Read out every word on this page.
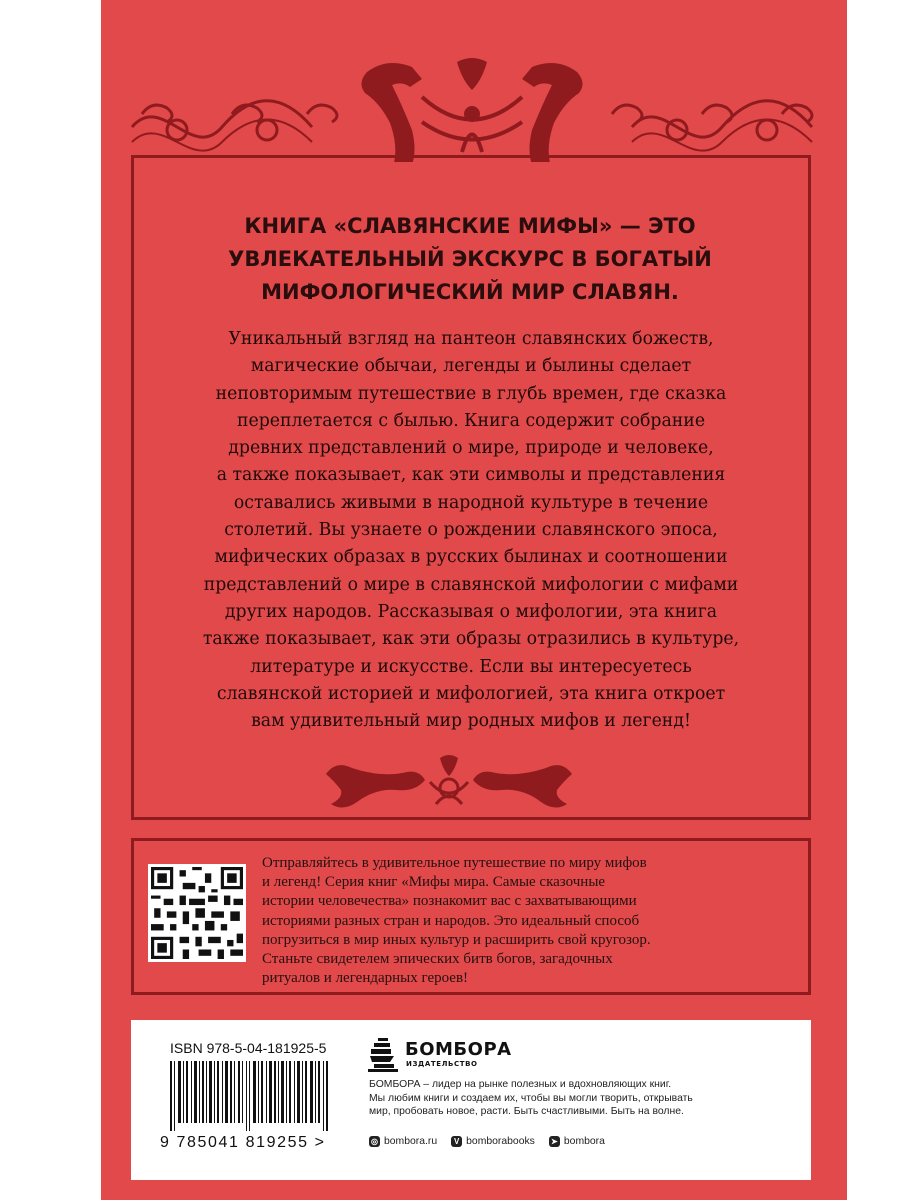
КНИГА «СЛАВЯНСКИЕ МИФЫ» — ЭТО
УВЛЕКАТЕЛЬНЫЙ ЭКСКУРС В БОГАТЫЙ
МИФОЛОГИЧЕСКИЙ МИР СЛАВЯН.
Уникальный взгляд на пантеон славянских божеств,
магические обычаи, легенды и былины сделает
неповторимым путешествие в глубь времен, где сказка
переплетается с былью. Книга содержит собрание
древних представлений о мире, природе и человеке,
а также показывает, как эти символы и представления
оставались живыми в народной культуре в течение
столетий. Вы узнаете о рождении славянского эпоса,
мифических образах в русских былинах и соотношении
представлений о мире в славянской мифологии с мифами
других народов. Рассказывая о мифологии, эта книга
также показывает, как эти образы отразились в культуре,
литературе и искусстве. Если вы интересуетесь
славянской историей и мифологией, эта книга откроет
вам удивительный мир родных мифов и легенд!
Отправляйтесь в удивительное путешествие по миру мифов
и легенд! Серия книг «Мифы мира. Самые сказочные
истории человечества» познакомит вас с захватывающими
историями разных стран и народов. Это идеальный способ
погрузиться в мир иных культур и расширить свой кругозор.
Станьте свидетелем эпических битв богов, загадочных
ритуалов и легендарных героев!
ISBN 978-5-04-181925-5
9 785041 819255 >
БОМБОРА
ИЗДАТЕЛЬСТВО
БОМБОРА – лидер на рынке полезных и вдохновляющих книг.
Мы любим книги и создаем их, чтобы вы могли творить, открывать
мир, пробовать новое, расти. Быть счастливыми. Быть на волне.
◎ bombora.ru	V bomborabooks ➤ bombora
